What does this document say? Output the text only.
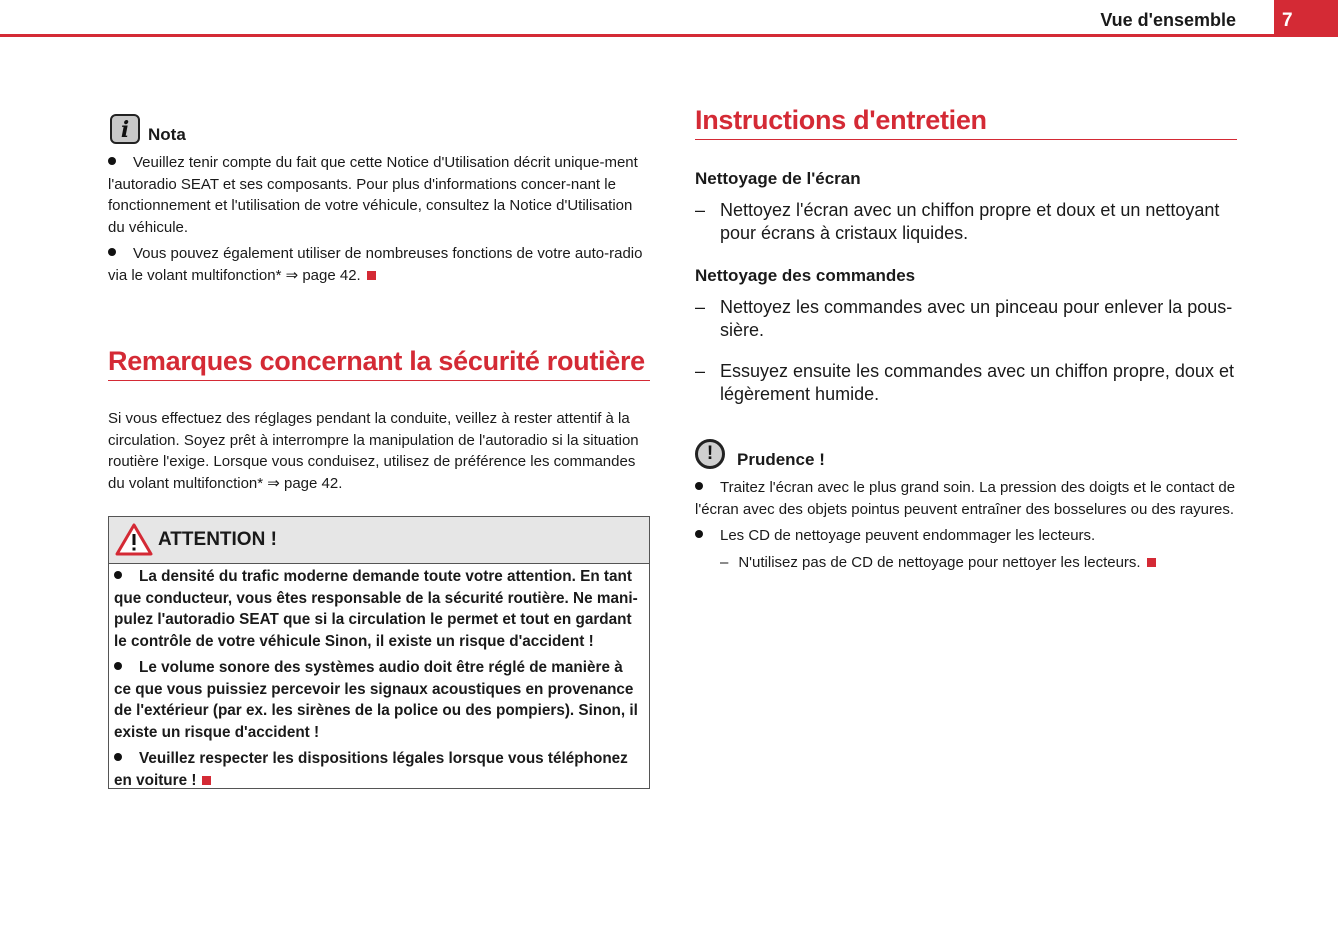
Vue d'ensemble 7
i	Nota
Veuillez tenir compte du fait que cette Notice d'Utilisation décrit unique-ment l'autoradio SEAT et ses composants. Pour plus d'informations concer-nant le fonctionnement et l'utilisation de votre véhicule, consultez la Notice d'Utilisation du véhicule.
Vous pouvez également utiliser de nombreuses fonctions de votre auto-radio via le volant multifonction* ⇒ page 42.
Remarques concernant la sécurité routière
Si vous effectuez des réglages pendant la conduite, veillez à rester attentif à la circulation. Soyez prêt à interrompre la manipulation de l'autoradio si la situation routière l'exige. Lorsque vous conduisez, utilisez de préférence les commandes du volant multifonction* ⇒ page 42.
ATTENTION !
La densité du trafic moderne demande toute votre attention. En tant que conducteur, vous êtes responsable de la sécurité routière. Ne mani-pulez l'autoradio SEAT que si la circulation le permet et tout en gardant le contrôle de votre véhicule Sinon, il existe un risque d'accident !
Le volume sonore des systèmes audio doit être réglé de manière à ce que vous puissiez percevoir les signaux acoustiques en provenance de l'extérieur (par ex. les sirènes de la police ou des pompiers). Sinon, il existe un risque d'accident !
Veuillez respecter les dispositions légales lorsque vous téléphonez en voiture !
Instructions d'entretien
Nettoyage de l'écran
– Nettoyez l'écran avec un chiffon propre et doux et un nettoyant pour écrans à cristaux liquides.
Nettoyage des commandes
– Nettoyez les commandes avec un pinceau pour enlever la pous-sière.
– Essuyez ensuite les commandes avec un chiffon propre, doux et légèrement humide.
!	Prudence !
Traitez l'écran avec le plus grand soin. La pression des doigts et le contact de l'écran avec des objets pointus peuvent entraîner des bosselures ou des rayures.
Les CD de nettoyage peuvent endommager les lecteurs.
– N'utilisez pas de CD de nettoyage pour nettoyer les lecteurs.
